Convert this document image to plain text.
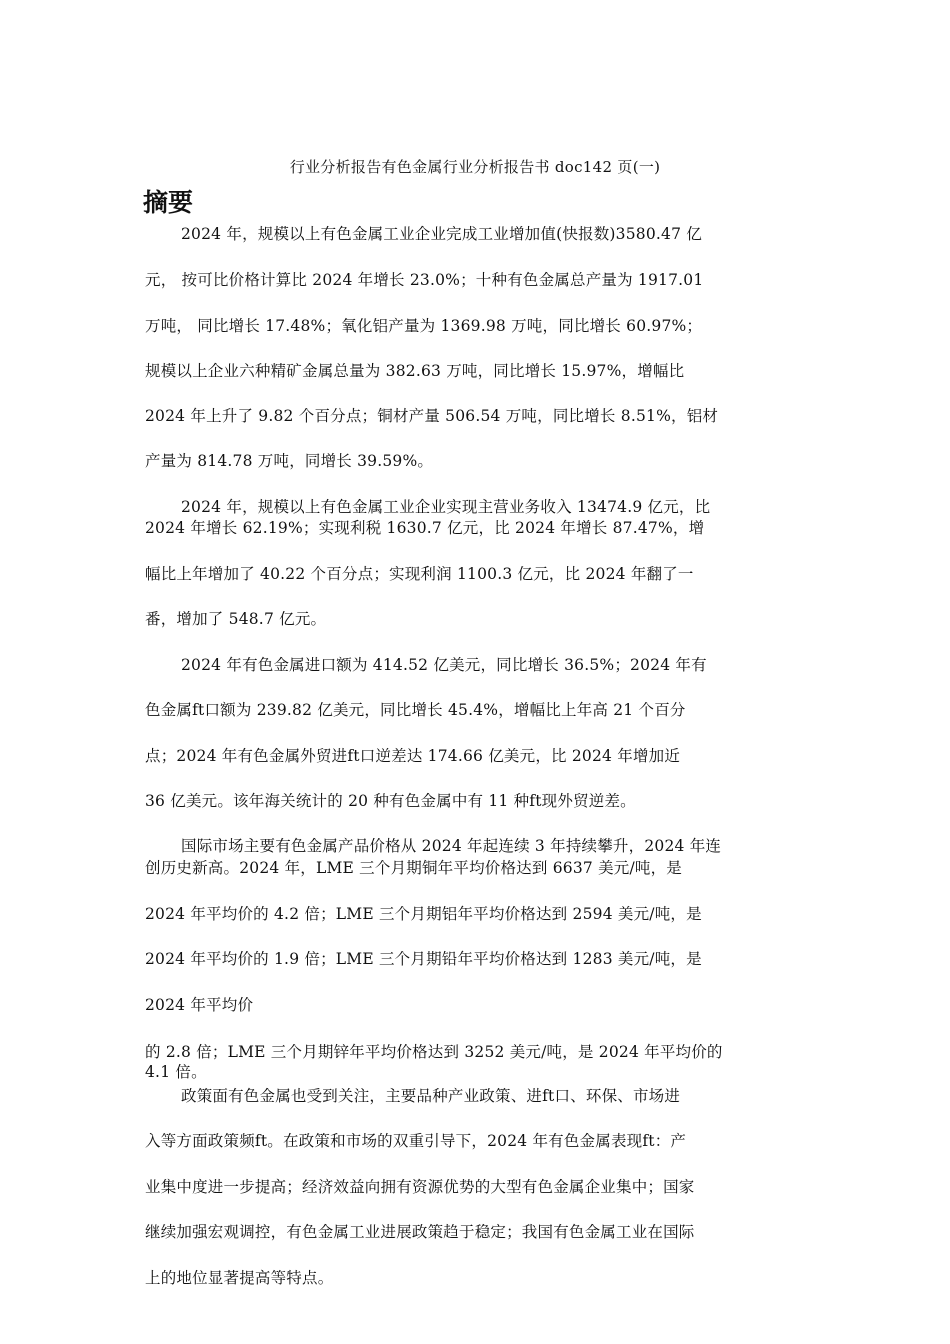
行业分析报告有色金属行业分析报告书 doc142 页(一)
摘要
2024 年，规模以上有色金属工业企业完成工业增加值(快报数)3580.47 亿
元， 按可比价格计算比 2024 年增长 23.0%；十种有色金属总产量为 1917.01
万吨， 同比增长 17.48%；氧化铝产量为 1369.98 万吨，同比增长 60.97%；
规模以上企业六种精矿金属总量为 382.63 万吨，同比增长 15.97%，增幅比
2024 年上升了 9.82 个百分点；铜材产量 506.54 万吨，同比增长 8.51%，铝材
产量为 814.78 万吨，同增长 39.59%。
2024 年，规模以上有色金属工业企业实现主营业务收入 13474.9 亿元，比
2024 年增长 62.19%；实现利税 1630.7 亿元，比 2024 年增长 87.47%，增
幅比上年增加了 40.22 个百分点；实现利润 1100.3 亿元，比 2024 年翻了一
番，增加了 548.7 亿元。
2024 年有色金属进口额为 414.52 亿美元，同比增长 36.5%；2024 年有
色金属ft口额为 239.82 亿美元，同比增长 45.4%，增幅比上年高 21 个百分
点；2024 年有色金属外贸进ft口逆差达 174.66 亿美元，比 2024 年增加近
36 亿美元。该年海关统计的 20 种有色金属中有 11 种ft现外贸逆差。
国际市场主要有色金属产品价格从 2024 年起连续 3 年持续攀升，2024 年连
创历史新高。2024 年，LME 三个月期铜年平均价格达到 6637 美元/吨，是
2024 年平均价的 4.2 倍；LME 三个月期铝年平均价格达到 2594 美元/吨，是
2024 年平均价的 1.9 倍；LME 三个月期铅年平均价格达到 1283 美元/吨，是
2024 年平均价
的 2.8 倍；LME 三个月期锌年平均价格达到 3252 美元/吨，是 2024 年平均价的
4.1 倍。
政策面有色金属也受到关注，主要品种产业政策、进ft口、环保、市场进
入等方面政策频ft。在政策和市场的双重引导下，2024 年有色金属表现ft：产
业集中度进一步提高；经济效益向拥有资源优势的大型有色金属企业集中；国家
继续加强宏观调控，有色金属工业进展政策趋于稳定；我国有色金属工业在国际
上的地位显著提高等特点。
